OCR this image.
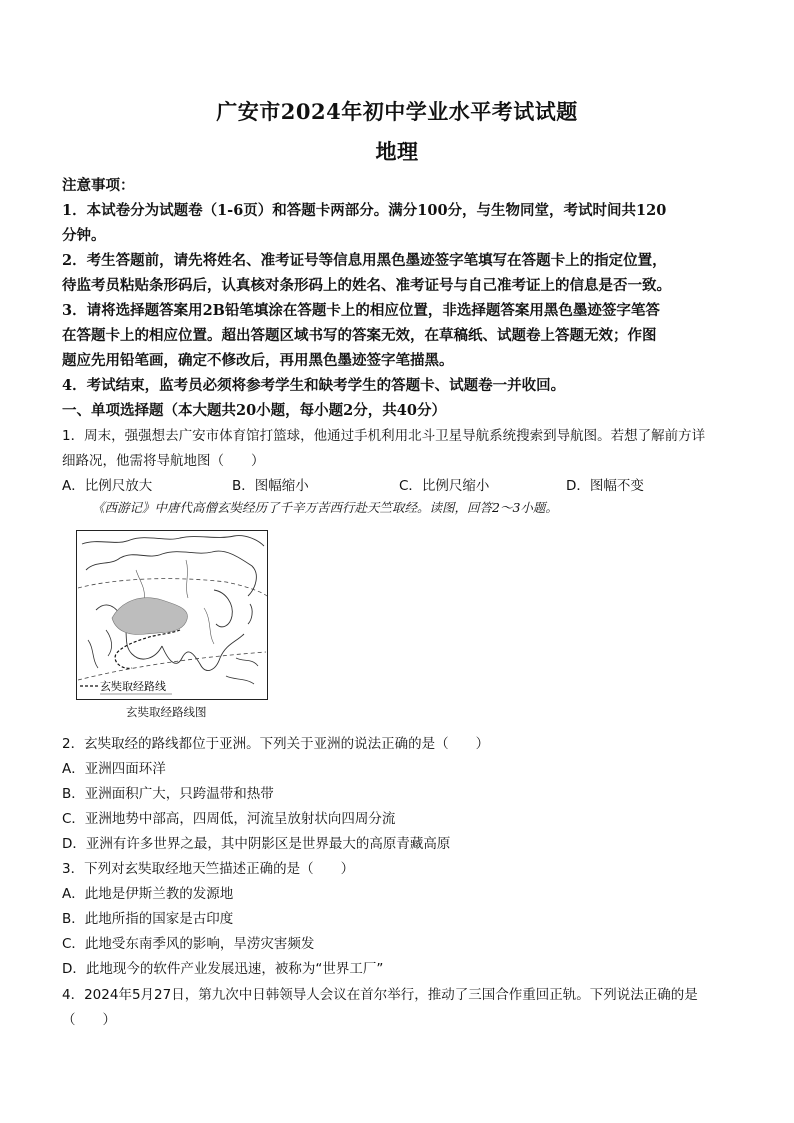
广安市2024年初中学业水平考试试题
地理
注意事项：
1．本试卷分为试题卷（1-6页）和答题卡两部分。满分100分，与生物同堂，考试时间共120
分钟。
2．考生答题前，请先将姓名、准考证号等信息用黑色墨迹签字笔填写在答题卡上的指定位置，
待监考员粘贴条形码后，认真核对条形码上的姓名、准考证号与自己准考证上的信息是否一致。
3．请将选择题答案用2B铅笔填涂在答题卡上的相应位置，非选择题答案用黑色墨迹签字笔答
在答题卡上的相应位置。超出答题区域书写的答案无效，在草稿纸、试题卷上答题无效；作图
题应先用铅笔画，确定不修改后，再用黑色墨迹签字笔描黑。
4．考试结束，监考员必须将参考学生和缺考学生的答题卡、试题卷一并收回。
一、单项选择题（本大题共20小题，每小题2分，共40分）
1．周末，强强想去广安市体育馆打篮球，他通过手机利用北斗卫星导航系统搜索到导航图。若想了解前方详
细路况，他需将导航地图（　　）
A．比例尺放大	B．图幅缩小	C．比例尺缩小	D．图幅不变
《西游记》中唐代高僧玄奘经历了千辛万苦西行赴天竺取经。读图，回答2～3小题。
玄奘取经路线
玄奘取经路线图
2．玄奘取经的路线都位于亚洲。下列关于亚洲的说法正确的是（　　）
A．亚洲四面环洋
B．亚洲面积广大，只跨温带和热带
C．亚洲地势中部高，四周低，河流呈放射状向四周分流
D．亚洲有许多世界之最，其中阴影区是世界最大的高原青藏高原
3．下列对玄奘取经地天竺描述正确的是（　　）
A．此地是伊斯兰教的发源地
B．此地所指的国家是古印度
C．此地受东南季风的影响，旱涝灾害频发
D．此地现今的软件产业发展迅速，被称为“世界工厂”
4．2024年5月27日，第九次中日韩领导人会议在首尔举行，推动了三国合作重回正轨。下列说法正确的是
（　　）
